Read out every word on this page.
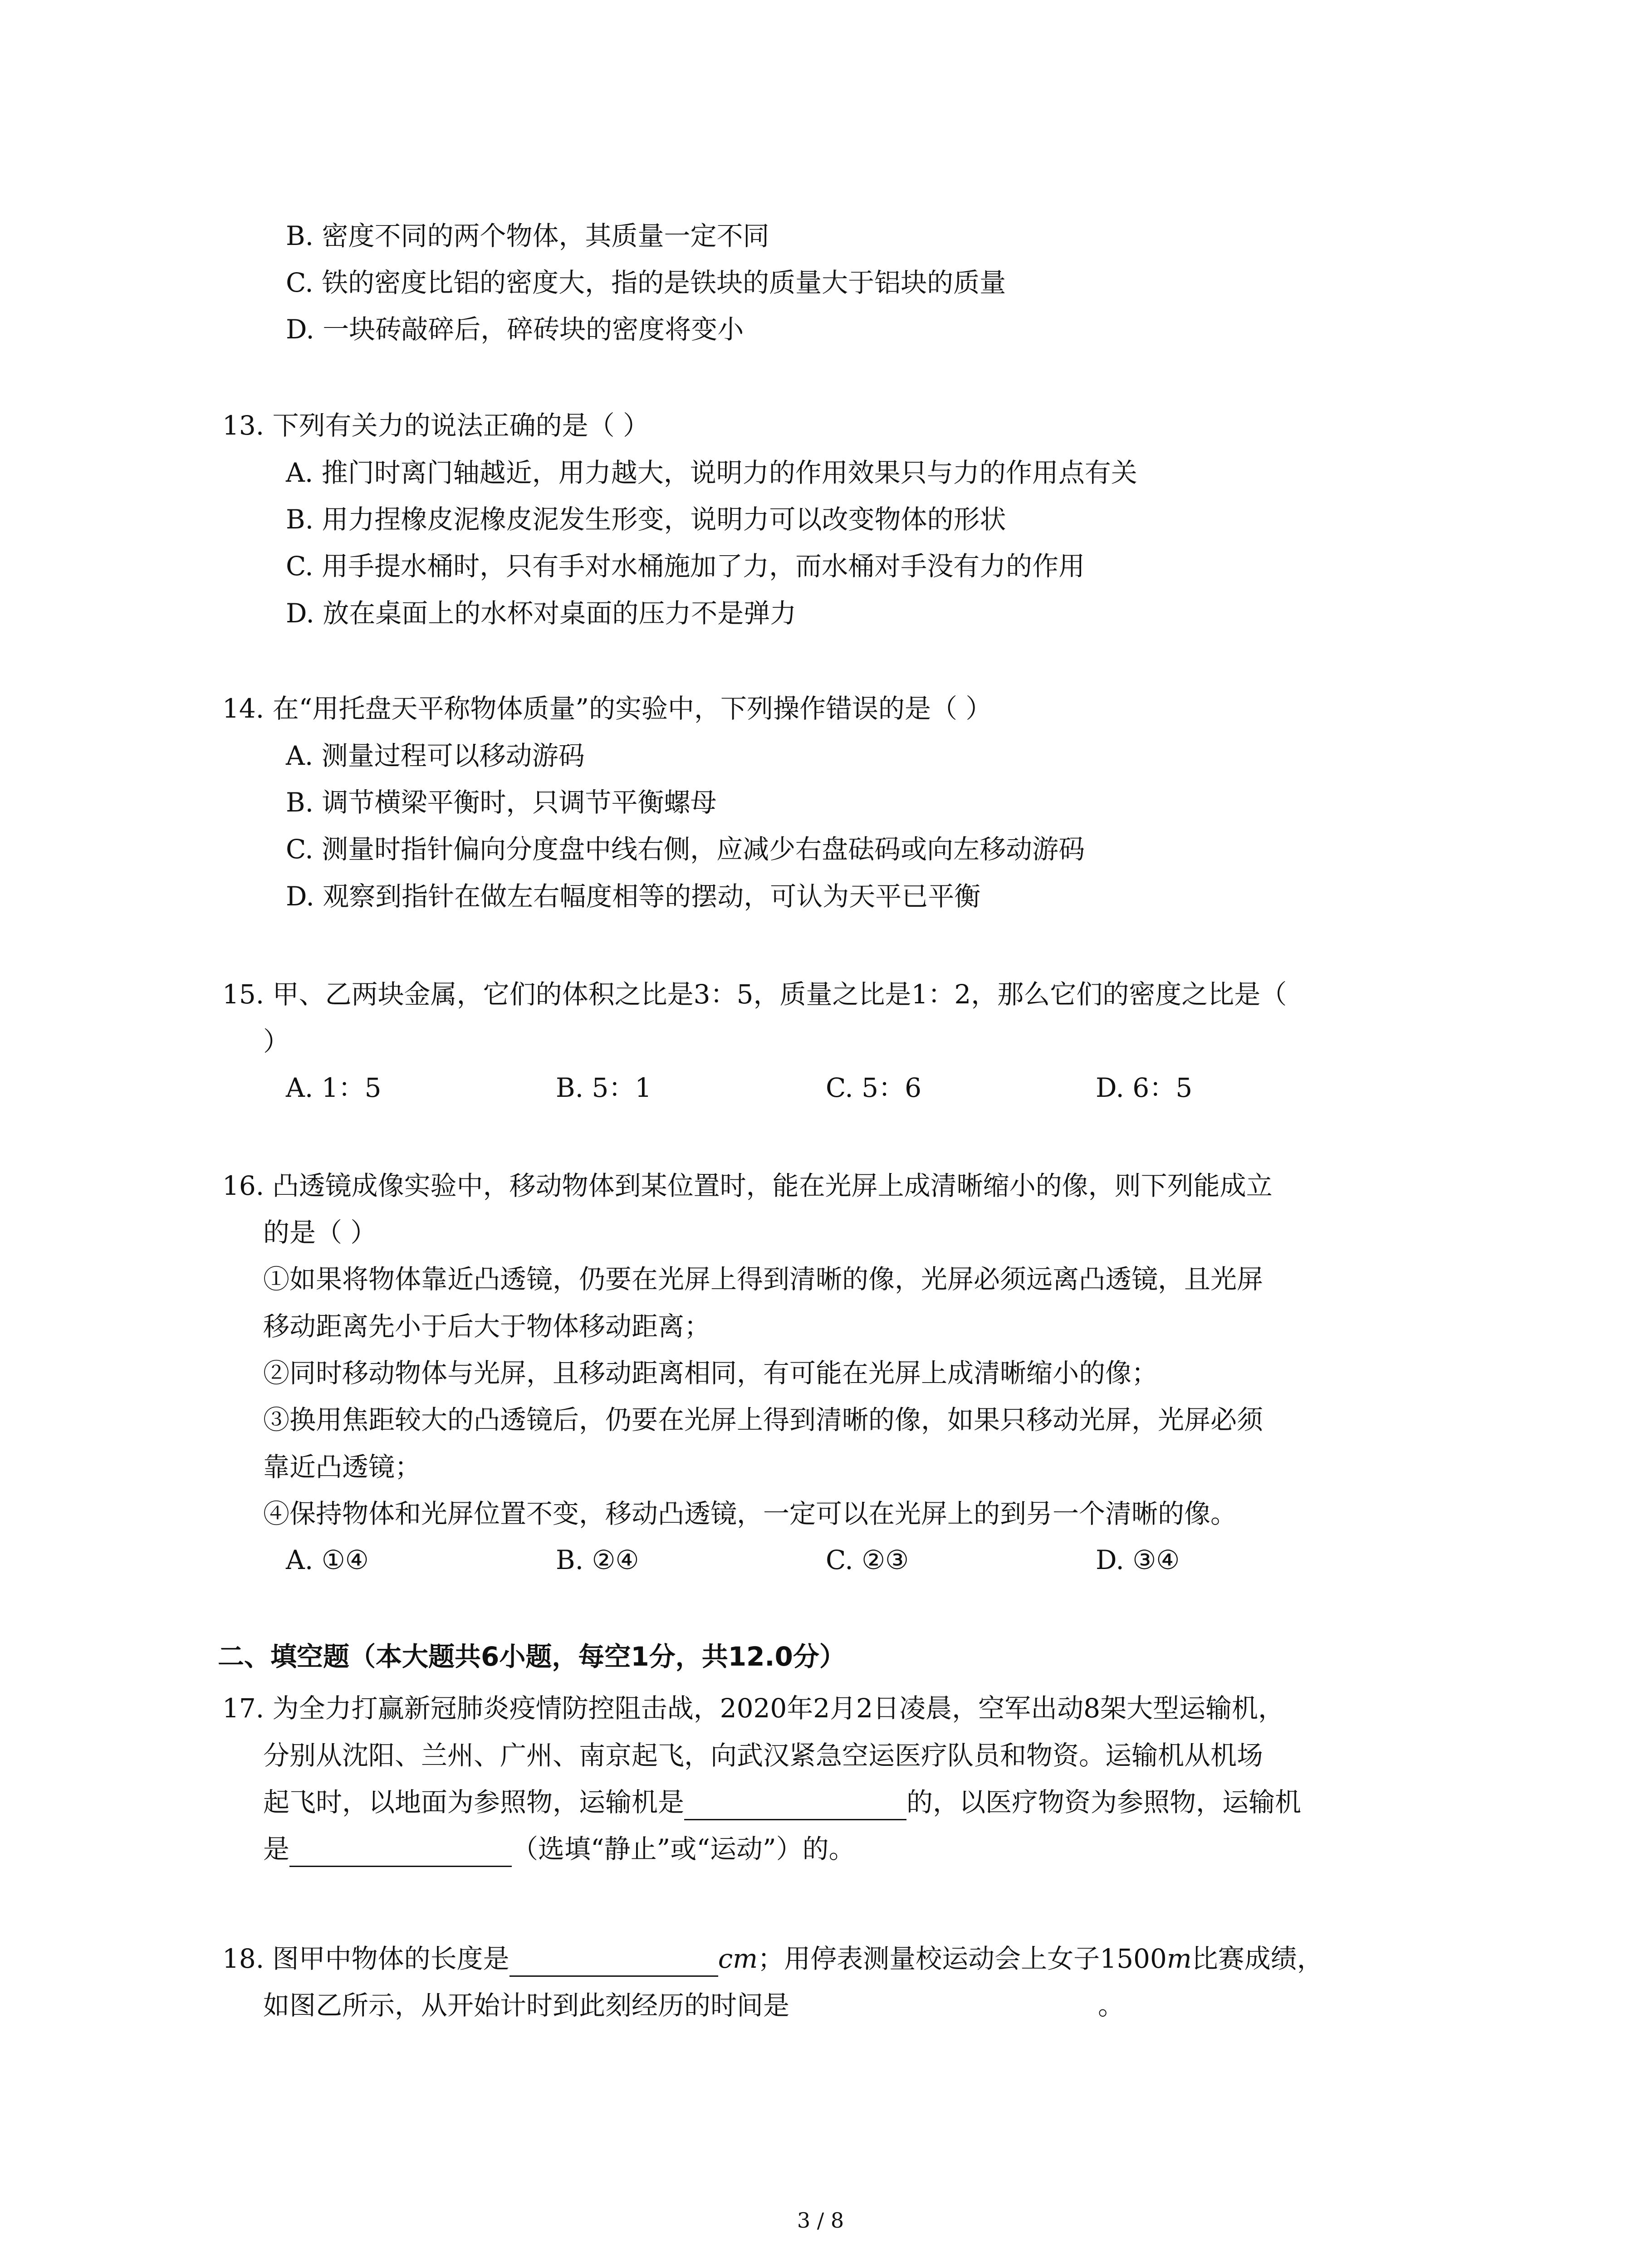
B. 密度不同的两个物体，其质量一定不同
C. 铁的密度比铝的密度大，指的是铁块的质量大于铝块的质量
D. 一块砖敲碎后，碎砖块的密度将变小
13. 下列有关力的说法正确的是（ ）
A. 推门时离门轴越近，用力越大，说明力的作用效果只与力的作用点有关
B. 用力捏橡皮泥橡皮泥发生形变，说明力可以改变物体的形状
C. 用手提水桶时，只有手对水桶施加了力，而水桶对手没有力的作用
D. 放在桌面上的水杯对桌面的压力不是弹力
14. 在“用托盘天平称物体质量”的实验中，下列操作错误的是（ ）
A. 测量过程可以移动游码
B. 调节横梁平衡时，只调节平衡螺母
C. 测量时指针偏向分度盘中线右侧，应减少右盘砝码或向左移动游码
D. 观察到指针在做左右幅度相等的摆动，可认为天平已平衡
15. 甲、乙两块金属，它们的体积之比是3：5，质量之比是1：2，那么它们的密度之比是（
）
A. 1：5	B. 5：1	C. 5：6	D. 6：5
16. 凸透镜成像实验中，移动物体到某位置时，能在光屏上成清晰缩小的像，则下列能成立
的是（ ）
①如果将物体靠近凸透镜，仍要在光屏上得到清晰的像，光屏必须远离凸透镜，且光屏
移动距离先小于后大于物体移动距离；
②同时移动物体与光屏，且移动距离相同，有可能在光屏上成清晰缩小的像；
③换用焦距较大的凸透镜后，仍要在光屏上得到清晰的像，如果只移动光屏，光屏必须
靠近凸透镜；
④保持物体和光屏位置不变，移动凸透镜，一定可以在光屏上的到另一个清晰的像。
A. ①④	B. ②④	C. ②③	D. ③④
二、填空题（本大题共6小题，每空1分，共12.0分）
17. 为全力打赢新冠肺炎疫情防控阻击战，2020年2月2日凌晨，空军出动8架大型运输机，
分别从沈阳、兰州、广州、南京起飞，向武汉紧急空运医疗队员和物资。运输机从机场
起飞时，以地面为参照物，运输机是	的，以医疗物资为参照物，运输机
是	（选填“静止”或“运动”）的。
18. 图甲中物体的长度是	cm；用停表测量校运动会上女子1500m比赛成绩，
如图乙所示，从开始计时到此刻经历的时间是	。
3 / 8
